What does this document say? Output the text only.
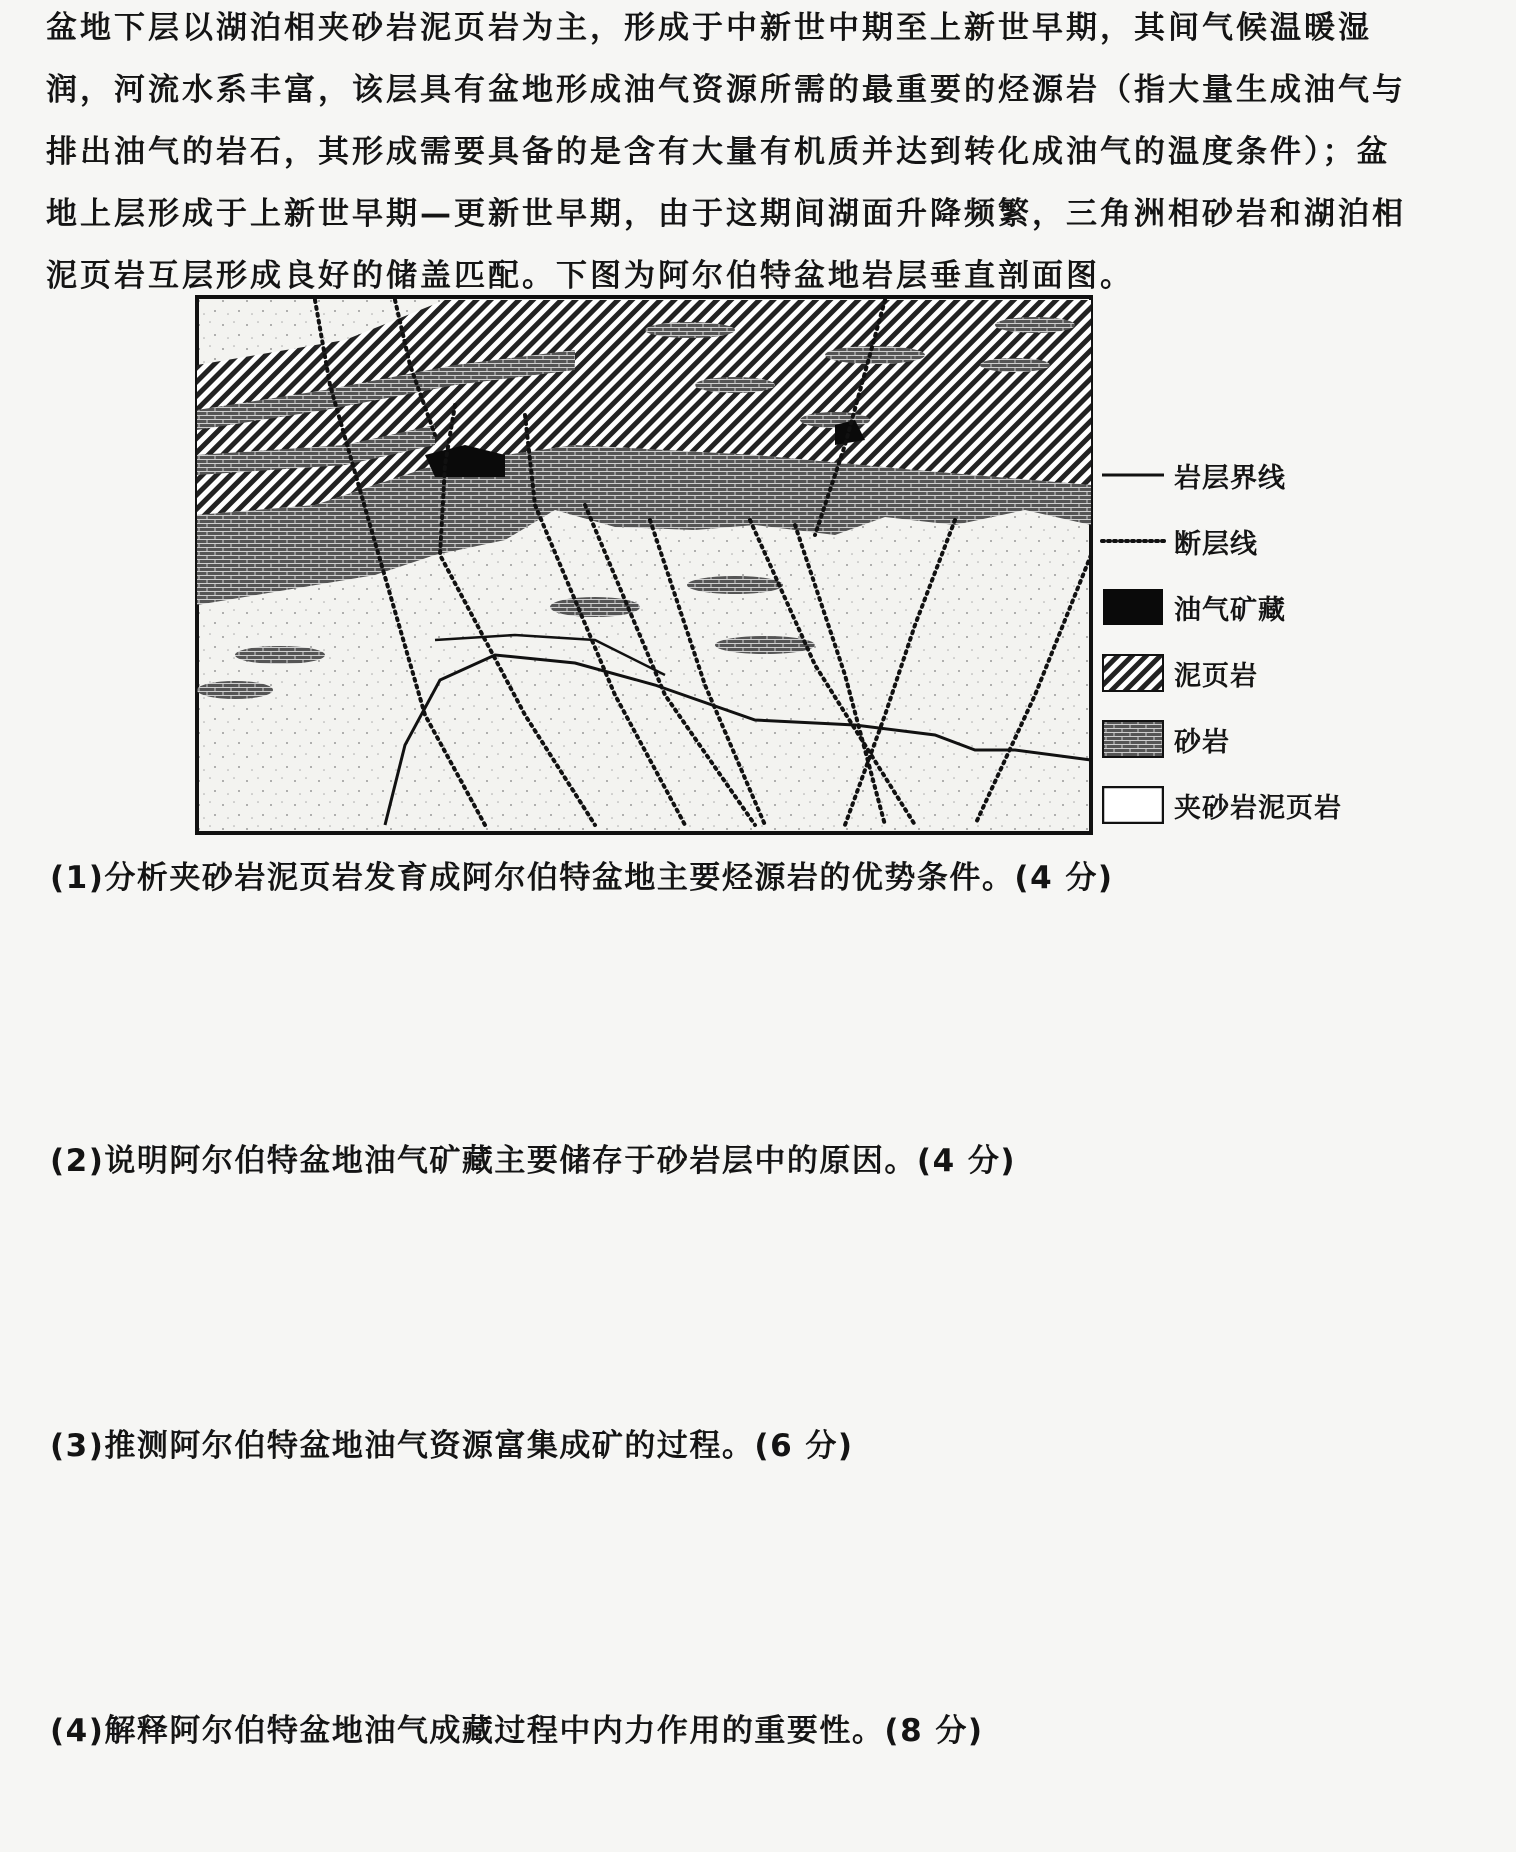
盆地下层以湖泊相夹砂岩泥页岩为主，形成于中新世中期至上新世早期，其间气候温暖湿
润，河流水系丰富，该层具有盆地形成油气资源所需的最重要的烃源岩（指大量生成油气与
排出油气的岩石，其形成需要具备的是含有大量有机质并达到转化成油气的温度条件）；盆
地上层形成于上新世早期—更新世早期，由于这期间湖面升降频繁，三角洲相砂岩和湖泊相
泥页岩互层形成良好的储盖匹配。下图为阿尔伯特盆地岩层垂直剖面图。
岩层界线
断层线
油气矿藏
泥页岩
砂岩
夹砂岩泥页岩
(1)分析夹砂岩泥页岩发育成阿尔伯特盆地主要烃源岩的优势条件。(4 分)
(2)说明阿尔伯特盆地油气矿藏主要储存于砂岩层中的原因。(4 分)
(3)推测阿尔伯特盆地油气资源富集成矿的过程。(6 分)
(4)解释阿尔伯特盆地油气成藏过程中内力作用的重要性。(8 分)
